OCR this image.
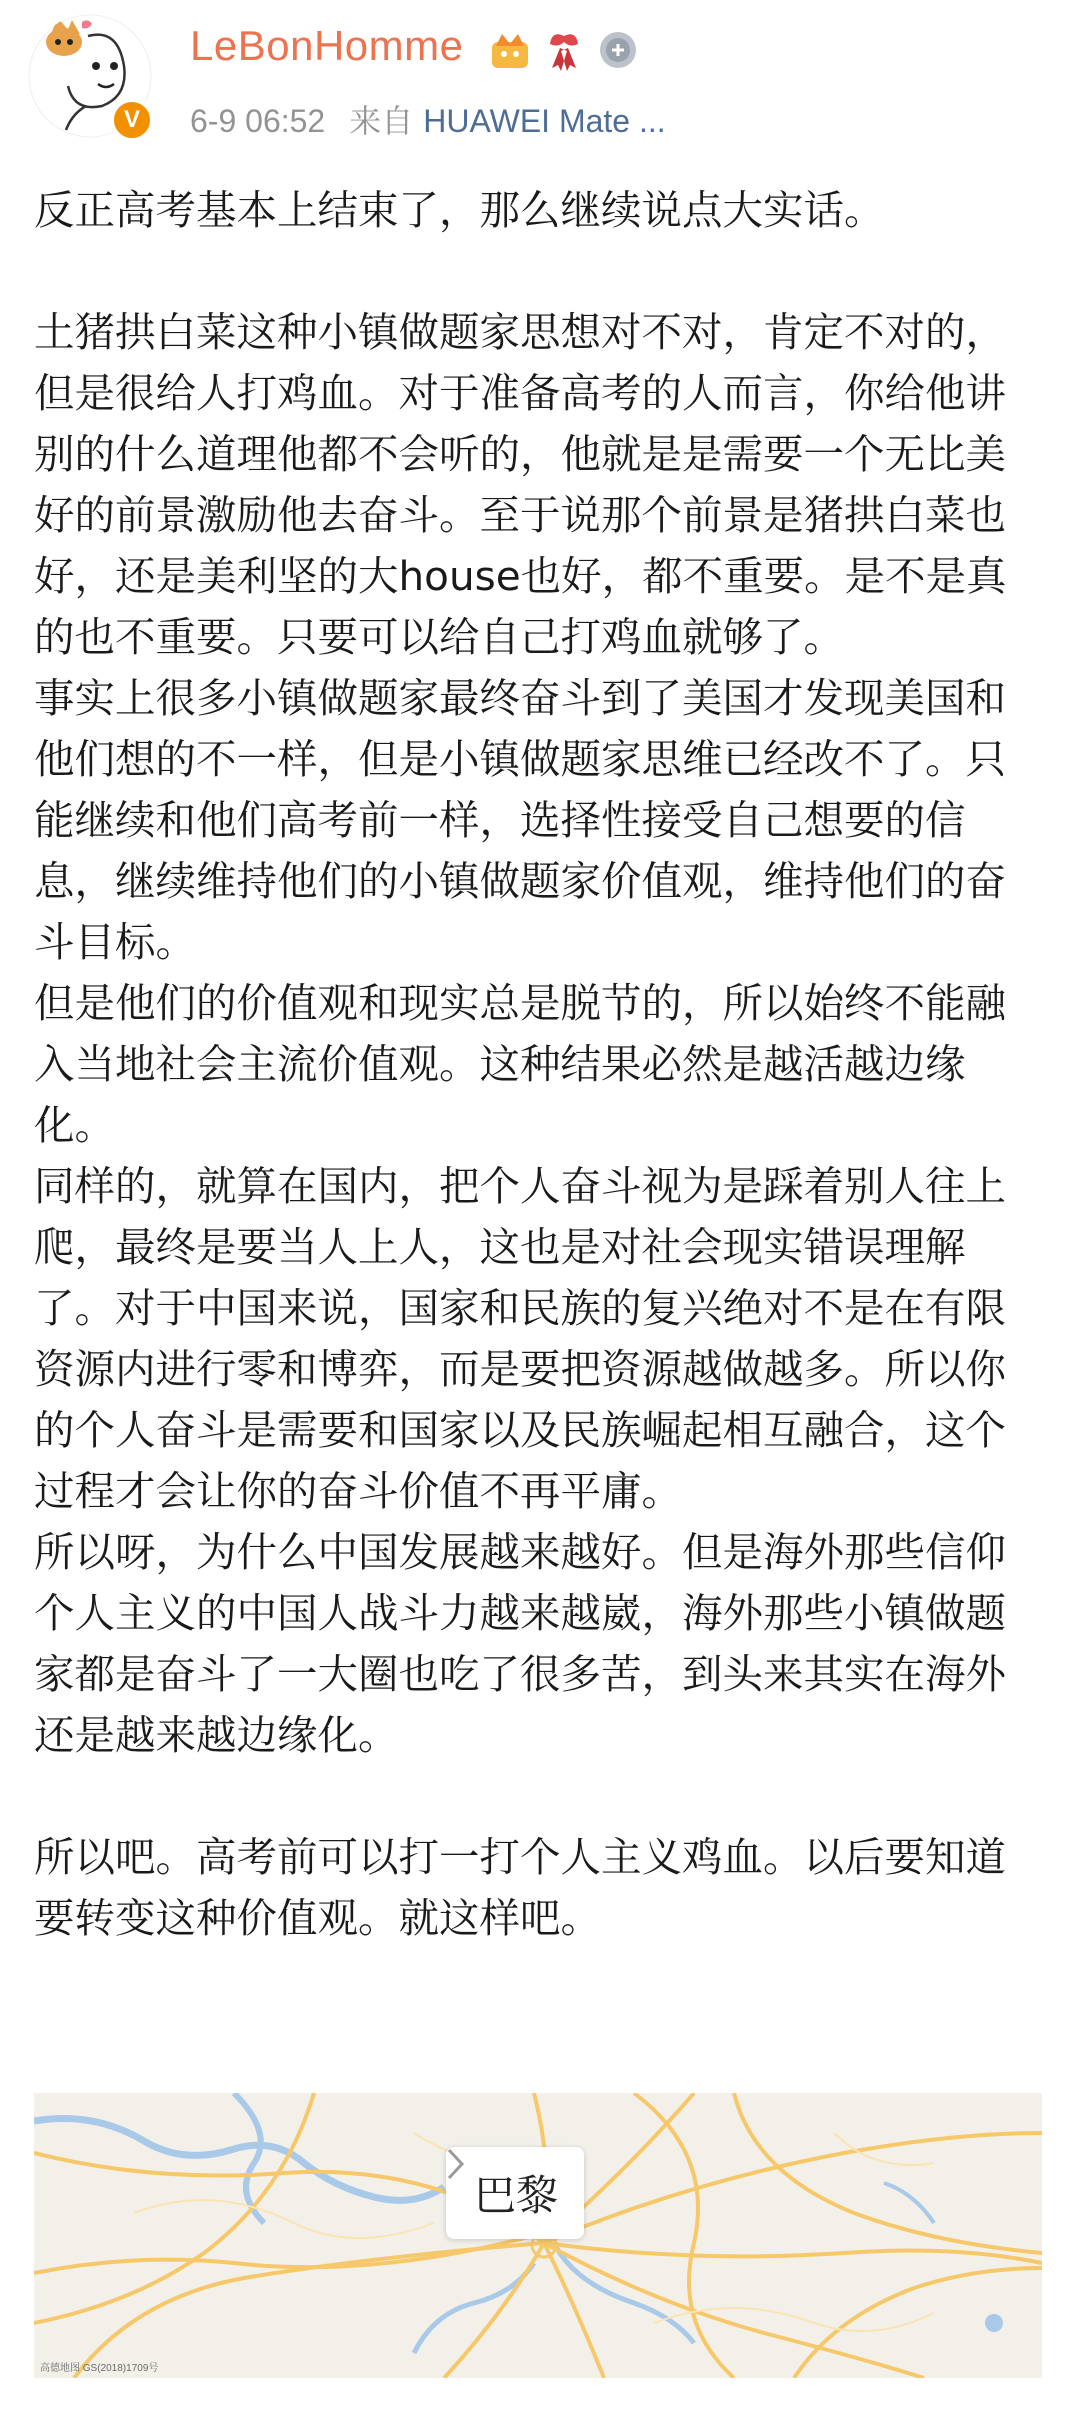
V
LeBonHomme
6-9 06:52 来自 HUAWEI Mate ...
反正高考基本上结束了，那么继续说点大实话。

土猪拱白菜这种小镇做题家思想对不对，肯定不对的，但是很给人打鸡血。对于准备高考的人而言，你给他讲别的什么道理他都不会听的，他就是是需要一个无比美好的前景激励他去奋斗。至于说那个前景是猪拱白菜也好，还是美利坚的大house也好，都不重要。是不是真的也不重要。只要可以给自己打鸡血就够了。
事实上很多小镇做题家最终奋斗到了美国才发现美国和他们想的不一样，但是小镇做题家思维已经改不了。只能继续和他们高考前一样，选择性接受自己想要的信息，继续维持他们的小镇做题家价值观，维持他们的奋斗目标。
但是他们的价值观和现实总是脱节的，所以始终不能融入当地社会主流价值观。这种结果必然是越活越边缘化。
同样的，就算在国内，把个人奋斗视为是踩着别人往上爬，最终是要当人上人，这也是对社会现实错误理解了。对于中国来说，国家和民族的复兴绝对不是在有限资源内进行零和博弈，而是要把资源越做越多。所以你的个人奋斗是需要和国家以及民族崛起相互融合，这个过程才会让你的奋斗价值不再平庸。
所以呀，为什么中国发展越来越好。但是海外那些信仰个人主义的中国人战斗力越来越崴，海外那些小镇做题家都是奋斗了一大圈也吃了很多苦，到头来其实在海外还是越来越边缘化。

所以吧。高考前可以打一打个人主义鸡血。以后要知道要转变这种价值观。就这样吧。
巴黎
高德地图 GS(2018)1709号
